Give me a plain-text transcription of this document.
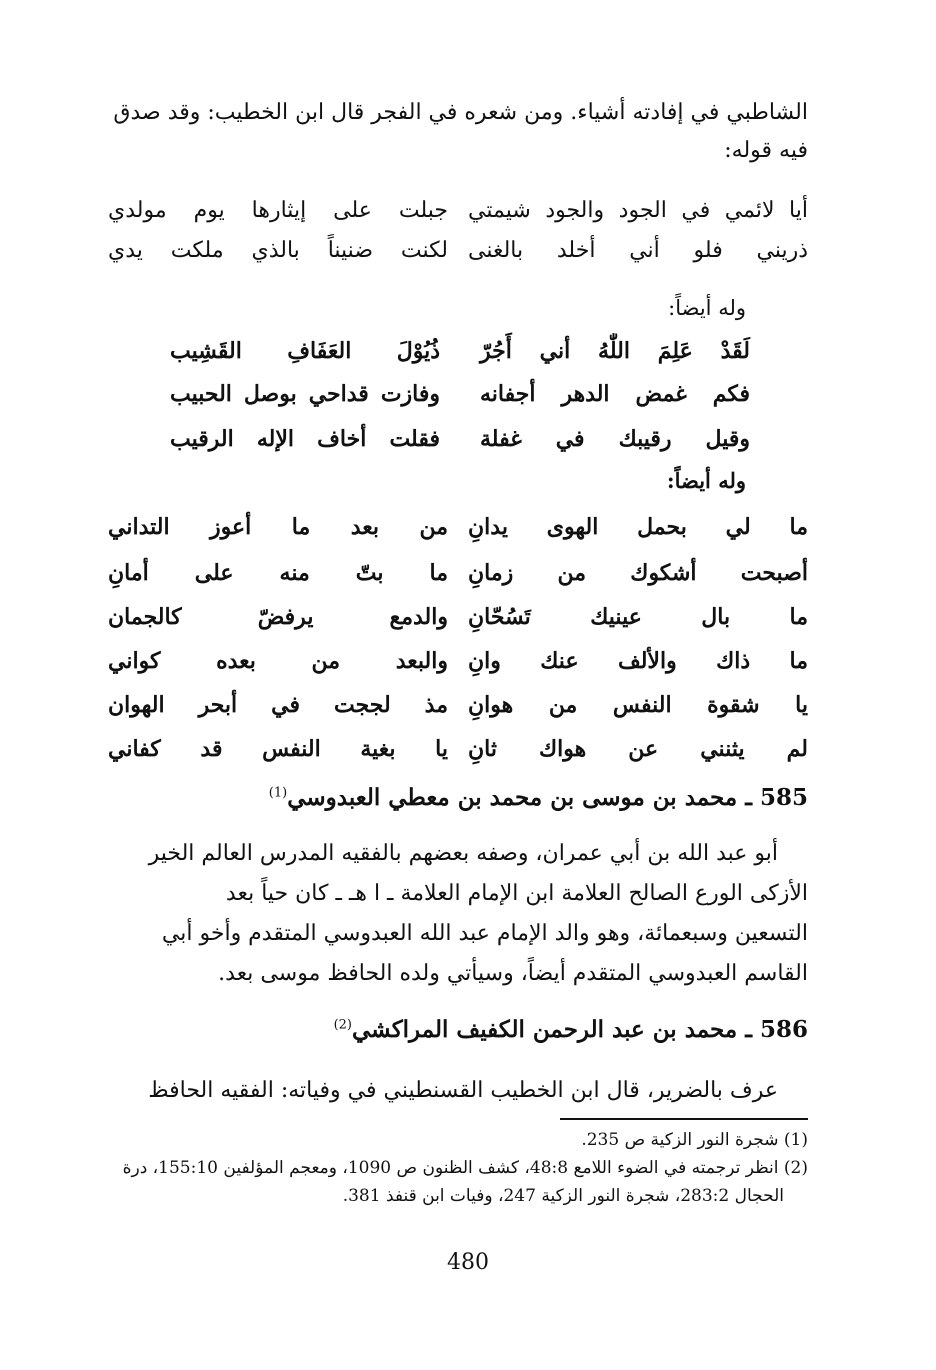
الشاطبي في إفادته أشياء. ومن شعره في الفجر قال ابن الخطيب: وقد صدق
فيه قوله:
أيا لائمي في الجود والجود شيمتي
جبلت على إيثارها يوم مولدي
ذريني فلو أني أخلد بالغنى
لكنت ضنيناً بالذي ملكت يدي
وله أيضاً:
لَقَدْ عَلِمَ اللّٰهُ أني أَجُرّ
ذُيُوْلَ العَفَافِ القَشِيب
فكم غمض الدهر أجفانه
وفازت قداحي بوصل الحبيب
وقيل رقيبك في غفلة
فقلت أخاف الإله الرقيب
وله أيضاً:
ما لي بحمل الهوى يدانِ
من بعد ما أعوز التداني
أصبحت أشكوك من زمانِ
ما بتّ منه على أمانِ
ما بال عينيك تَسُحّانِ
والدمع يرفضّ كالجمان
ما ذاك والألف عنك وانِ
والبعد من بعده كواني
يا شقوة النفس من هوانِ
مذ لججت في أبحر الهوان
لم يثنني عن هواك ثانِ
يا بغية النفس قد كفاني
585 ـ محمد بن موسى بن محمد بن معطي العبدوسي$^{(1)}$
أبو عبد الله بن أبي عمران، وصفه بعضهم بالفقيه المدرس العالم الخير
الأزكى الورع الصالح العلامة ابن الإمام العلامة ـ ا هـ ـ كان حياً بعد
التسعين وسبعمائة، وهو والد الإمام عبد الله العبدوسي المتقدم وأخو أبي
القاسم العبدوسي المتقدم أيضاً، وسيأتي ولده الحافظ موسى بعد.
586 ـ محمد بن عبد الرحمن الكفيف المراكشي$^{(2)}$
عرف بالضرير، قال ابن الخطيب القسنطيني في وفياته: الفقيه الحافظ
(1) شجرة النور الزكية ص 235.
(2) انظر ترجمته في الضوء اللامع 48:8، كشف الظنون ص 1090، ومعجم المؤلفين 155:10، درة
الحجال 283:2، شجرة النور الزكية 247، وفيات ابن قنفذ 381.
480
